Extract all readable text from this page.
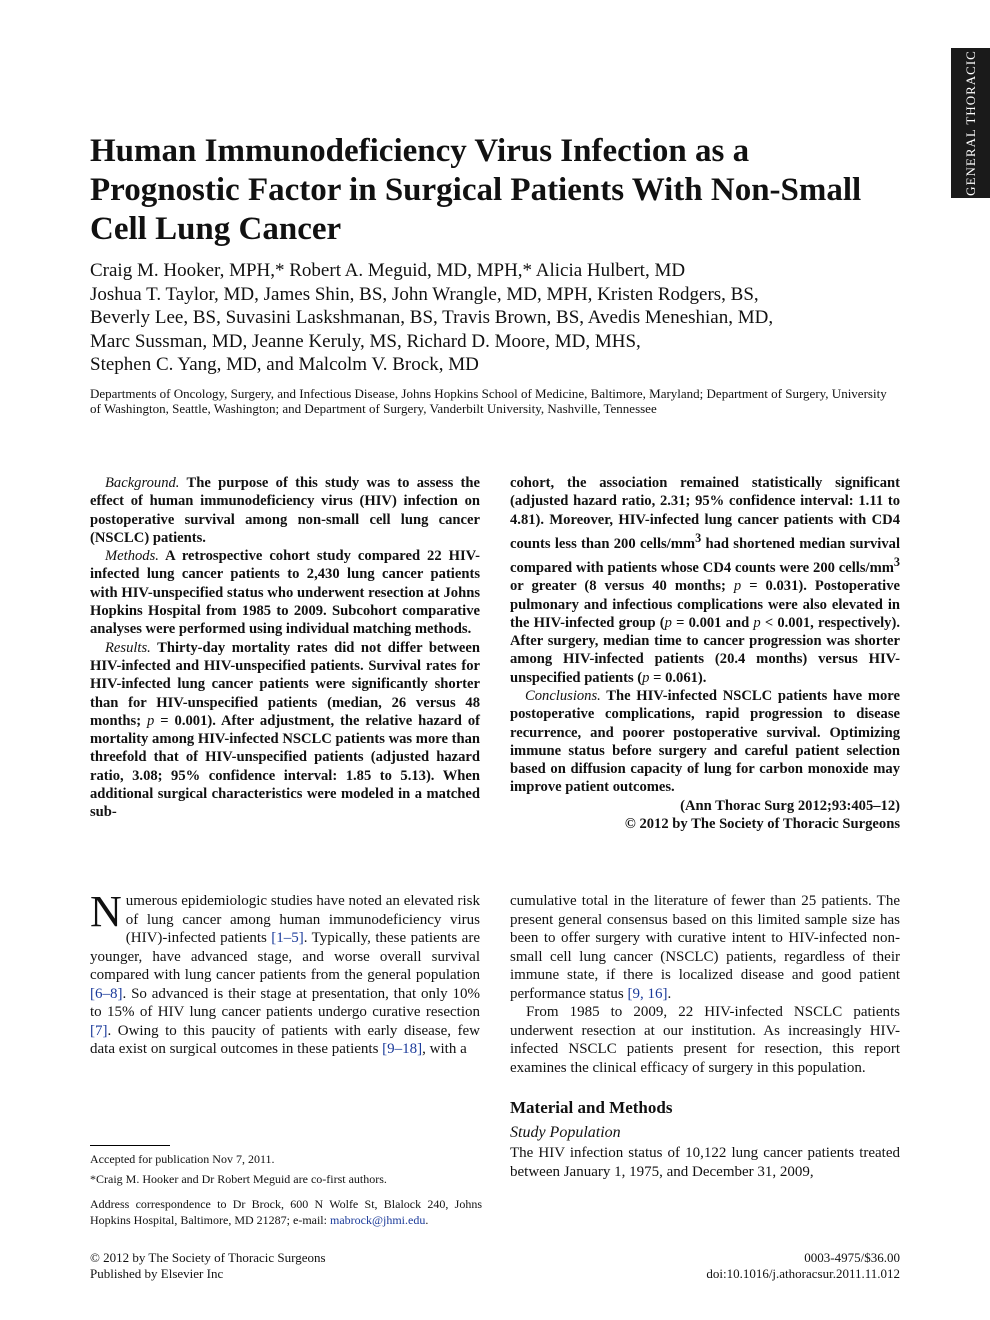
GENERAL THORACIC
Human Immunodeficiency Virus Infection as a Prognostic Factor in Surgical Patients With Non-Small Cell Lung Cancer
Craig M. Hooker, MPH,* Robert A. Meguid, MD, MPH,* Alicia Hulbert, MD
Joshua T. Taylor, MD, James Shin, BS, John Wrangle, MD, MPH, Kristen Rodgers, BS,
Beverly Lee, BS, Suvasini Laskshmanan, BS, Travis Brown, BS, Avedis Meneshian, MD,
Marc Sussman, MD, Jeanne Keruly, MS, Richard D. Moore, MD, MHS,
Stephen C. Yang, MD, and Malcolm V. Brock, MD
Departments of Oncology, Surgery, and Infectious Disease, Johns Hopkins School of Medicine, Baltimore, Maryland; Department of Surgery, University of Washington, Seattle, Washington; and Department of Surgery, Vanderbilt University, Nashville, Tennessee

Background. The purpose of this study was to assess the effect of human immunodeficiency virus (HIV) infection on postoperative survival among non-small cell lung cancer (NSCLC) patients.

Methods. A retrospective cohort study compared 22 HIV-infected lung cancer patients to 2,430 lung cancer patients with HIV-unspecified status who underwent resection at Johns Hopkins Hospital from 1985 to 2009. Subcohort comparative analyses were performed using individual matching methods.

Results. Thirty-day mortality rates did not differ between HIV-infected and HIV-unspecified patients. Survival rates for HIV-infected lung cancer patients were significantly shorter than for HIV-unspecified patients (median, 26 versus 48 months; p = 0.001). After adjustment, the relative hazard of mortality among HIV-infected NSCLC patients was more than threefold that of HIV-unspecified patients (adjusted hazard ratio, 3.08; 95% confidence interval: 1.85 to 5.13). When additional surgical characteristics were modeled in a matched sub-

cohort, the association remained statistically significant (adjusted hazard ratio, 2.31; 95% confidence interval: 1.11 to 4.81). Moreover, HIV-infected lung cancer patients with CD4 counts less than 200 cells/$mm^3$ had shortened median survival compared with patients whose CD4 counts were 200 cells/$mm^3$ or greater (8 versus 40 months; p = 0.031). Postoperative pulmonary and infectious complications were also elevated in the HIV-infected group (p = 0.001 and p < 0.001, respectively). After surgery, median time to cancer progression was shorter among HIV-infected patients (20.4 months) versus HIV-unspecified patients (p = 0.061).

Conclusions. The HIV-infected NSCLC patients have more postoperative complications, rapid progression to disease recurrence, and poorer postoperative survival. Optimizing immune status before surgery and careful patient selection based on diffusion capacity of lung for carbon monoxide may improve patient outcomes.

(Ann Thorac Surg 2012;93:405–12)
© 2012 by The Society of Thoracic Surgeons

Numerous epidemiologic studies have noted an elevated risk of lung cancer among human immunodeficiency virus (HIV)-infected patients [1–5]. Typically, these patients are younger, have advanced stage, and worse overall survival compared with lung cancer patients from the general population [6–8]. So advanced is their stage at presentation, that only 10% to 15% of HIV lung cancer patients undergo curative resection [7]. Owing to this paucity of patients with early disease, few data exist on surgical outcomes in these patients [9–18], with a

cumulative total in the literature of fewer than 25 patients. The present general consensus based on this limited sample size has been to offer surgery with curative intent to HIV-infected non-small cell lung cancer (NSCLC) patients, regardless of their immune state, if there is localized disease and good patient performance status [9, 16].

From 1985 to 2009, 22 HIV-infected NSCLC patients underwent resection at our institution. As increasingly HIV-infected NSCLC patients present for resection, this report examines the clinical efficacy of surgery in this population.

Material and Methods
Study Population

The HIV infection status of 10,122 lung cancer patients treated between January 1, 1975, and December 31, 2009,

Accepted for publication Nov 7, 2011.
*Craig M. Hooker and Dr Robert Meguid are co-first authors.
Address correspondence to Dr Brock, 600 N Wolfe St, Blalock 240, Johns Hopkins Hospital, Baltimore, MD 21287; e-mail: mabrock@jhmi.edu.
© 2012 by The Society of Thoracic Surgeons
Published by Elsevier Inc
0003-4975/$36.00
doi:10.1016/j.athoracsur.2011.11.012
